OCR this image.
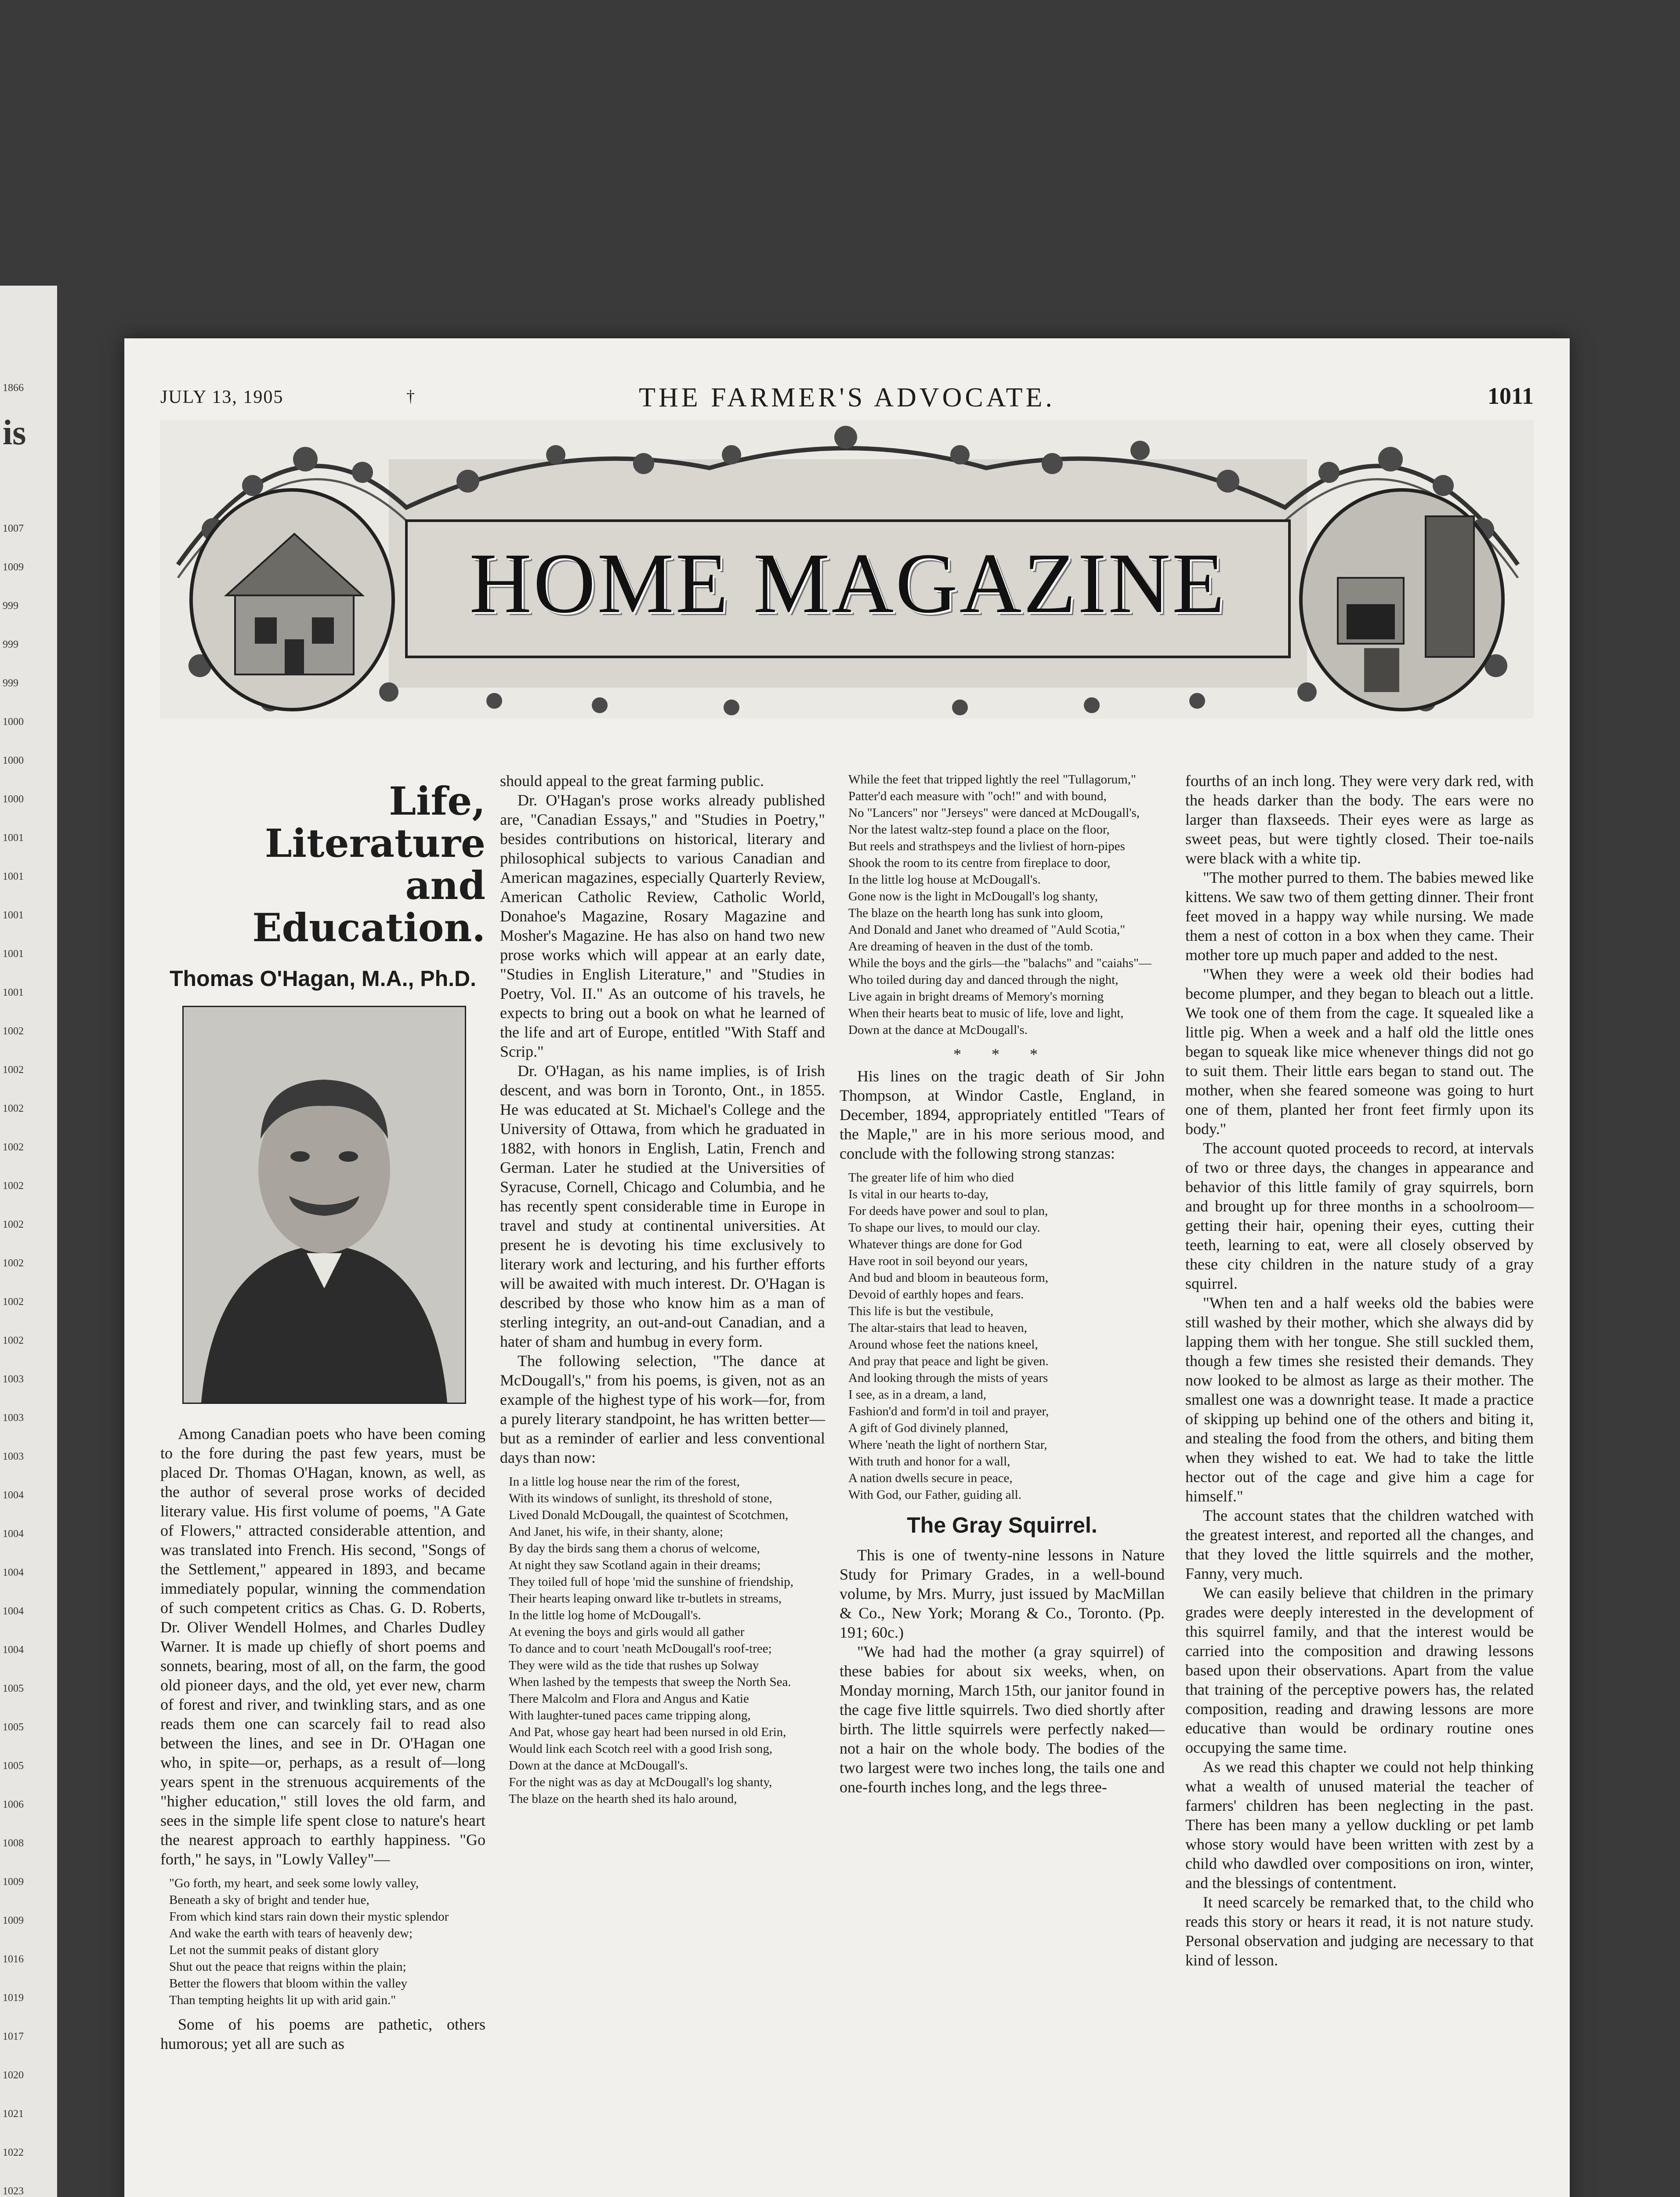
1866
is
1007
1009
999
999
999
1000
1000
1000
1001
1001
1001
1001
1001
1002
1002
1002
1002
1002
1002
1002
1002
1002
1003
1003
1003
1004
1004
1004
1004
1004
1005
1005
1005
1006
1008
1009
1009
1016
1019
1017
1020
1021
1022
1023
JULY 13, 1905	†	THE FARMER'S ADVOCATE.	1011
HOME MAGAZINE
Life, Literature
and Education.
Thomas O'Hagan, M.A., Ph.D.

Among Canadian poets who have been coming to the fore during the past few years, must be placed Dr. Thomas O'Hagan, known, as well, as the author of several prose works of decided literary value. His first volume of poems, "A Gate of Flowers," attracted considerable attention, and was translated into French. His second, "Songs of the Settlement," appeared in 1893, and became immediately popular, winning the commendation of such competent critics as Chas. G. D. Roberts, Dr. Oliver Wendell Holmes, and Charles Dudley Warner. It is made up chiefly of short poems and sonnets, bearing, most of all, on the farm, the good old pioneer days, and the old, yet ever new, charm of forest and river, and twinkling stars, and as one reads them one can scarcely fail to read also between the lines, and see in Dr. O'Hagan one who, in spite—or, perhaps, as a result of—long years spent in the strenuous acquirements of the "higher education," still loves the old farm, and sees in the simple life spent close to nature's heart the nearest approach to earthly happiness. "Go forth," he says, in "Lowly Valley"—

"Go forth, my heart, and seek some lowly valley,
Beneath a sky of bright and tender hue,
From which kind stars rain down their mystic splendor
And wake the earth with tears of heavenly dew;
Let not the summit peaks of distant glory
Shut out the peace that reigns within the plain;
Better the flowers that bloom within the valley
Than tempting heights lit up with arid gain."

Some of his poems are pathetic, others humorous; yet all are such as

should appeal to the great farming public.

Dr. O'Hagan's prose works already published are, "Canadian Essays," and "Studies in Poetry," besides contributions on historical, literary and philosophical subjects to various Canadian and American magazines, especially Quarterly Review, American Catholic Review, Catholic World, Donahoe's Magazine, Rosary Magazine and Mosher's Magazine. He has also on hand two new prose works which will appear at an early date, "Studies in English Literature," and "Studies in Poetry, Vol. II." As an outcome of his travels, he expects to bring out a book on what he learned of the life and art of Europe, entitled "With Staff and Scrip."

Dr. O'Hagan, as his name implies, is of Irish descent, and was born in Toronto, Ont., in 1855. He was educated at St. Michael's College and the University of Ottawa, from which he graduated in 1882, with honors in English, Latin, French and German. Later he studied at the Universities of Syracuse, Cornell, Chicago and Columbia, and he has recently spent considerable time in Europe in travel and study at continental universities. At present he is devoting his time exclusively to literary work and lecturing, and his further efforts will be awaited with much interest. Dr. O'Hagan is described by those who know him as a man of sterling integrity, an out-and-out Canadian, and a hater of sham and humbug in every form.

The following selection, "The dance at McDougall's," from his poems, is given, not as an example of the highest type of his work—for, from a purely literary standpoint, he has written better—but as a reminder of earlier and less conventional days than now:

In a little log house near the rim of the forest,
With its windows of sunlight, its threshold of stone,
Lived Donald McDougall, the quaintest of Scotchmen,
And Janet, his wife, in their shanty, alone;
By day the birds sang them a chorus of welcome,
At night they saw Scotland again in their dreams;
They toiled full of hope 'mid the sunshine of friendship,
Their hearts leaping onward like tr-butlets in streams,
In the little log home of McDougall's.
At evening the boys and girls would all gather
To dance and to court 'neath McDougall's roof-tree;
They were wild as the tide that rushes up Solway
When lashed by the tempests that sweep the North Sea.
There Malcolm and Flora and Angus and Katie
With laughter-tuned paces came tripping along,
And Pat, whose gay heart had been nursed in old Erin,
Would link each Scotch reel with a good Irish song,
Down at the dance at McDougall's.
For the night was as day at McDougall's log shanty,
The blaze on the hearth shed its halo around,
While the feet that tripped lightly the reel "Tullagorum,"
Patter'd each measure with "och!" and with bound,
No "Lancers" nor "Jerseys" were danced at McDougall's,
Nor the latest waltz-step found a place on the floor,
But reels and strathspeys and the livliest of horn-pipes
Shook the room to its centre from fireplace to door,
In the little log house at McDougall's.
Gone now is the light in McDougall's log shanty,
The blaze on the hearth long has sunk into gloom,
And Donald and Janet who dreamed of "Auld Scotia,"
Are dreaming of heaven in the dust of the tomb.
While the boys and the girls—the "balachs" and "caiahs"—
Who toiled during day and danced through the night,
Live again in bright dreams of Memory's morning
When their hearts beat to music of life, love and light,
Down at the dance at McDougall's.
* * *

His lines on the tragic death of Sir John Thompson, at Windor Castle, England, in December, 1894, appropriately entitled "Tears of the Maple," are in his more serious mood, and conclude with the following strong stanzas:

The greater life of him who died
Is vital in our hearts to-day,
For deeds have power and soul to plan,
To shape our lives, to mould our clay.
Whatever things are done for God
Have root in soil beyond our years,
And bud and bloom in beauteous form,
Devoid of earthly hopes and fears.
This life is but the vestibule,
The altar-stairs that lead to heaven,
Around whose feet the nations kneel,
And pray that peace and light be given.
And looking through the mists of years
I see, as in a dream, a land,
Fashion'd and form'd in toil and prayer,
A gift of God divinely planned,
Where 'neath the light of northern Star,
With truth and honor for a wall,
A nation dwells secure in peace,
With God, our Father, guiding all.
The Gray Squirrel.

This is one of twenty-nine lessons in Nature Study for Primary Grades, in a well-bound volume, by Mrs. Murry, just issued by MacMillan & Co., New York; Morang & Co., Toronto. (Pp. 191; 60c.)

"We had had the mother (a gray squirrel) of these babies for about six weeks, when, on Monday morning, March 15th, our janitor found in the cage five little squirrels. Two died shortly after birth. The little squirrels were perfectly naked—not a hair on the whole body. The bodies of the two largest were two inches long, the tails one and one-fourth inches long, and the legs three-

fourths of an inch long. They were very dark red, with the heads darker than the body. The ears were no larger than flaxseeds. Their eyes were as large as sweet peas, but were tightly closed. Their toe-nails were black with a white tip.

"The mother purred to them. The babies mewed like kittens. We saw two of them getting dinner. Their front feet moved in a happy way while nursing. We made them a nest of cotton in a box when they came. Their mother tore up much paper and added to the nest.

"When they were a week old their bodies had become plumper, and they began to bleach out a little. We took one of them from the cage. It squealed like a little pig. When a week and a half old the little ones began to squeak like mice whenever things did not go to suit them. Their little ears began to stand out. The mother, when she feared someone was going to hurt one of them, planted her front feet firmly upon its body."

The account quoted proceeds to record, at intervals of two or three days, the changes in appearance and behavior of this little family of gray squirrels, born and brought up for three months in a schoolroom—getting their hair, opening their eyes, cutting their teeth, learning to eat, were all closely observed by these city children in the nature study of a gray squirrel.

"When ten and a half weeks old the babies were still washed by their mother, which she always did by lapping them with her tongue. She still suckled them, though a few times she resisted their demands. They now looked to be almost as large as their mother. The smallest one was a downright tease. It made a practice of skipping up behind one of the others and biting it, and stealing the food from the others, and biting them when they wished to eat. We had to take the little hector out of the cage and give him a cage for himself."

The account states that the children watched with the greatest interest, and reported all the changes, and that they loved the little squirrels and the mother, Fanny, very much.

We can easily believe that children in the primary grades were deeply interested in the development of this squirrel family, and that the interest would be carried into the composition and drawing lessons based upon their observations. Apart from the value that training of the perceptive powers has, the related composition, reading and drawing lessons are more educative than would be ordinary routine ones occupying the same time.

As we read this chapter we could not help thinking what a wealth of unused material the teacher of farmers' children has been neglecting in the past. There has been many a yellow duckling or pet lamb whose story would have been written with zest by a child who dawdled over compositions on iron, winter, and the blessings of contentment.

It need scarcely be remarked that, to the child who reads this story or hears it read, it is not nature study. Personal observation and judging are necessary to that kind of lesson.
